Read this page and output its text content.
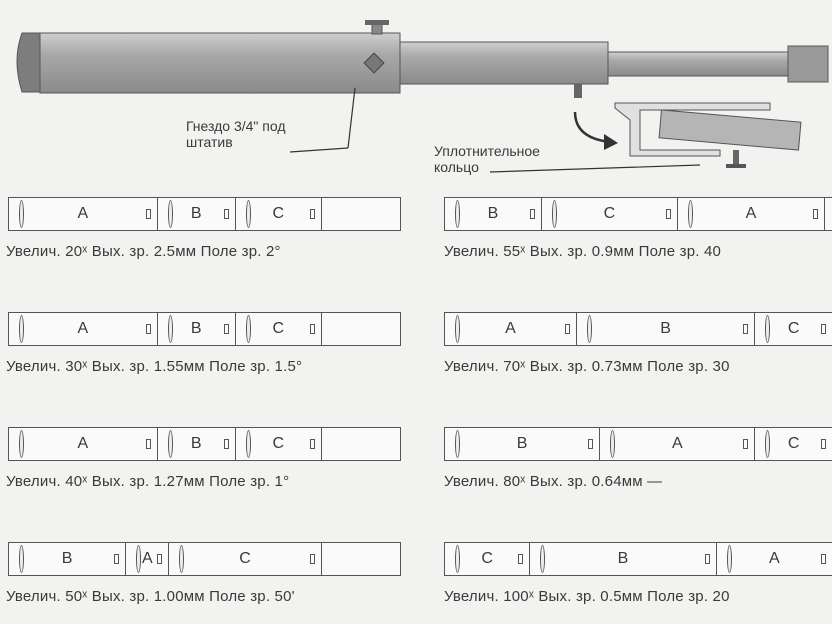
Гнездо 3/4" под
штатив
Уплотнительное
кольцо
A	B	C
Увелич. 20ˣ Вых. зр. 2.5мм Поле зр. 2°
A	B	C
Увелич. 30ˣ Вых. зр. 1.55мм Поле зр. 1.5°
A	B	C
Увелич. 40ˣ Вых. зр. 1.27мм Поле зр. 1°
B	A	C
Увелич. 50ˣ Вых. зр. 1.00мм Поле зр. 50'
B	C	A
Увелич. 55ˣ Вых. зр. 0.9мм Поле зр. 40
A	B	C
Увелич. 70ˣ Вых. зр. 0.73мм Поле зр. 30
B	A	C
Увелич. 80ˣ Вых. зр. 0.64мм —
C	B	A
Увелич. 100ˣ Вых. зр. 0.5мм Поле зр. 20
